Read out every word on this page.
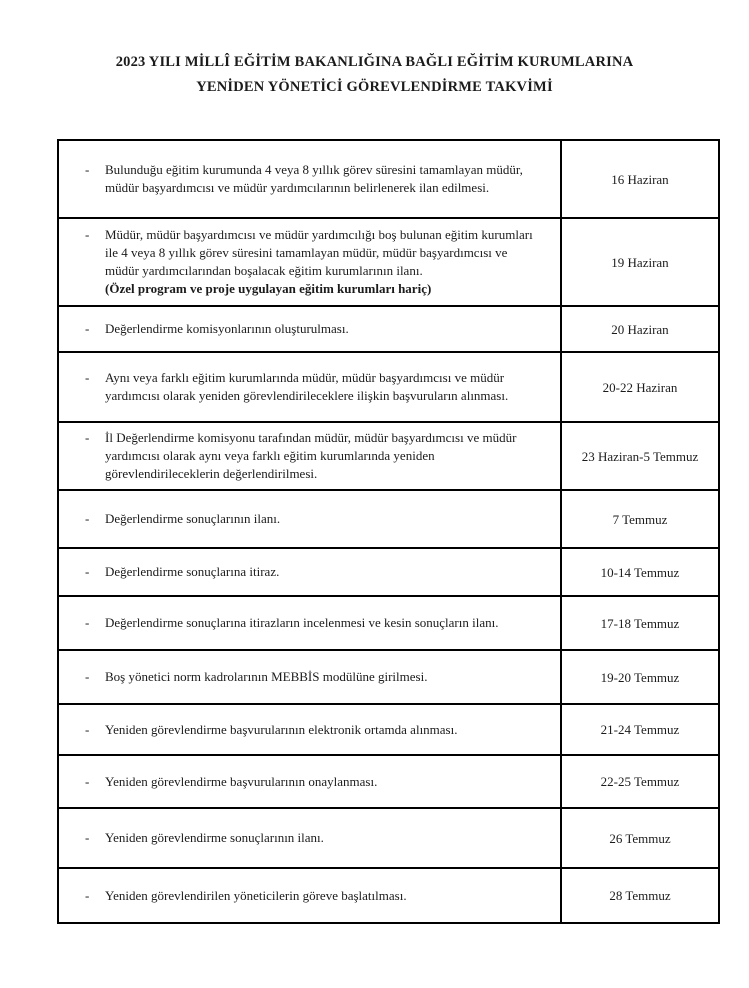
2023 YILI MİLLÎ EĞİTİM BAKANLIĞINA BAĞLI EĞİTİM KURUMLARINA
YENİDEN YÖNETİCİ GÖREVLENDİRME TAKVİMİ
-	Bulunduğu eğitim kurumunda 4 veya 8 yıllık görev süresini tamamlayan müdür, müdür başyardımcısı ve müdür yardımcılarının belirlenerek ilan edilmesi.
16 Haziran
-	Müdür, müdür başyardımcısı ve müdür yardımcılığı boş bulunan eğitim kurumları ile 4 veya 8 yıllık görev süresini tamamlayan müdür, müdür başyardımcısı ve müdür yardımcılarından boşalacak eğitim kurumlarının ilanı.
(Özel program ve proje uygulayan eğitim kurumları hariç)
19 Haziran
-	Değerlendirme komisyonlarının oluşturulması.	20 Haziran
-	Aynı veya farklı eğitim kurumlarında müdür, müdür başyardımcısı ve müdür yardımcısı olarak yeniden görevlendirileceklere ilişkin başvuruların alınması.
20-22 Haziran
-	İl Değerlendirme komisyonu tarafından müdür, müdür başyardımcısı ve müdür yardımcısı olarak aynı veya farklı eğitim kurumlarında yeniden görevlendirileceklerin değerlendirilmesi.
23 Haziran-5 Temmuz
-	Değerlendirme sonuçlarının ilanı.	7 Temmuz
-	Değerlendirme sonuçlarına itiraz.	10-14 Temmuz
-	Değerlendirme sonuçlarına itirazların incelenmesi ve kesin sonuçların ilanı.	17-18 Temmuz
-	Boş yönetici norm kadrolarının MEBBİS modülüne girilmesi.	19-20 Temmuz
-	Yeniden görevlendirme başvurularının elektronik ortamda alınması.	21-24 Temmuz
-	Yeniden görevlendirme başvurularının onaylanması.	22-25 Temmuz
-	Yeniden görevlendirme sonuçlarının ilanı.	26 Temmuz
-	Yeniden görevlendirilen yöneticilerin göreve başlatılması.	28 Temmuz
